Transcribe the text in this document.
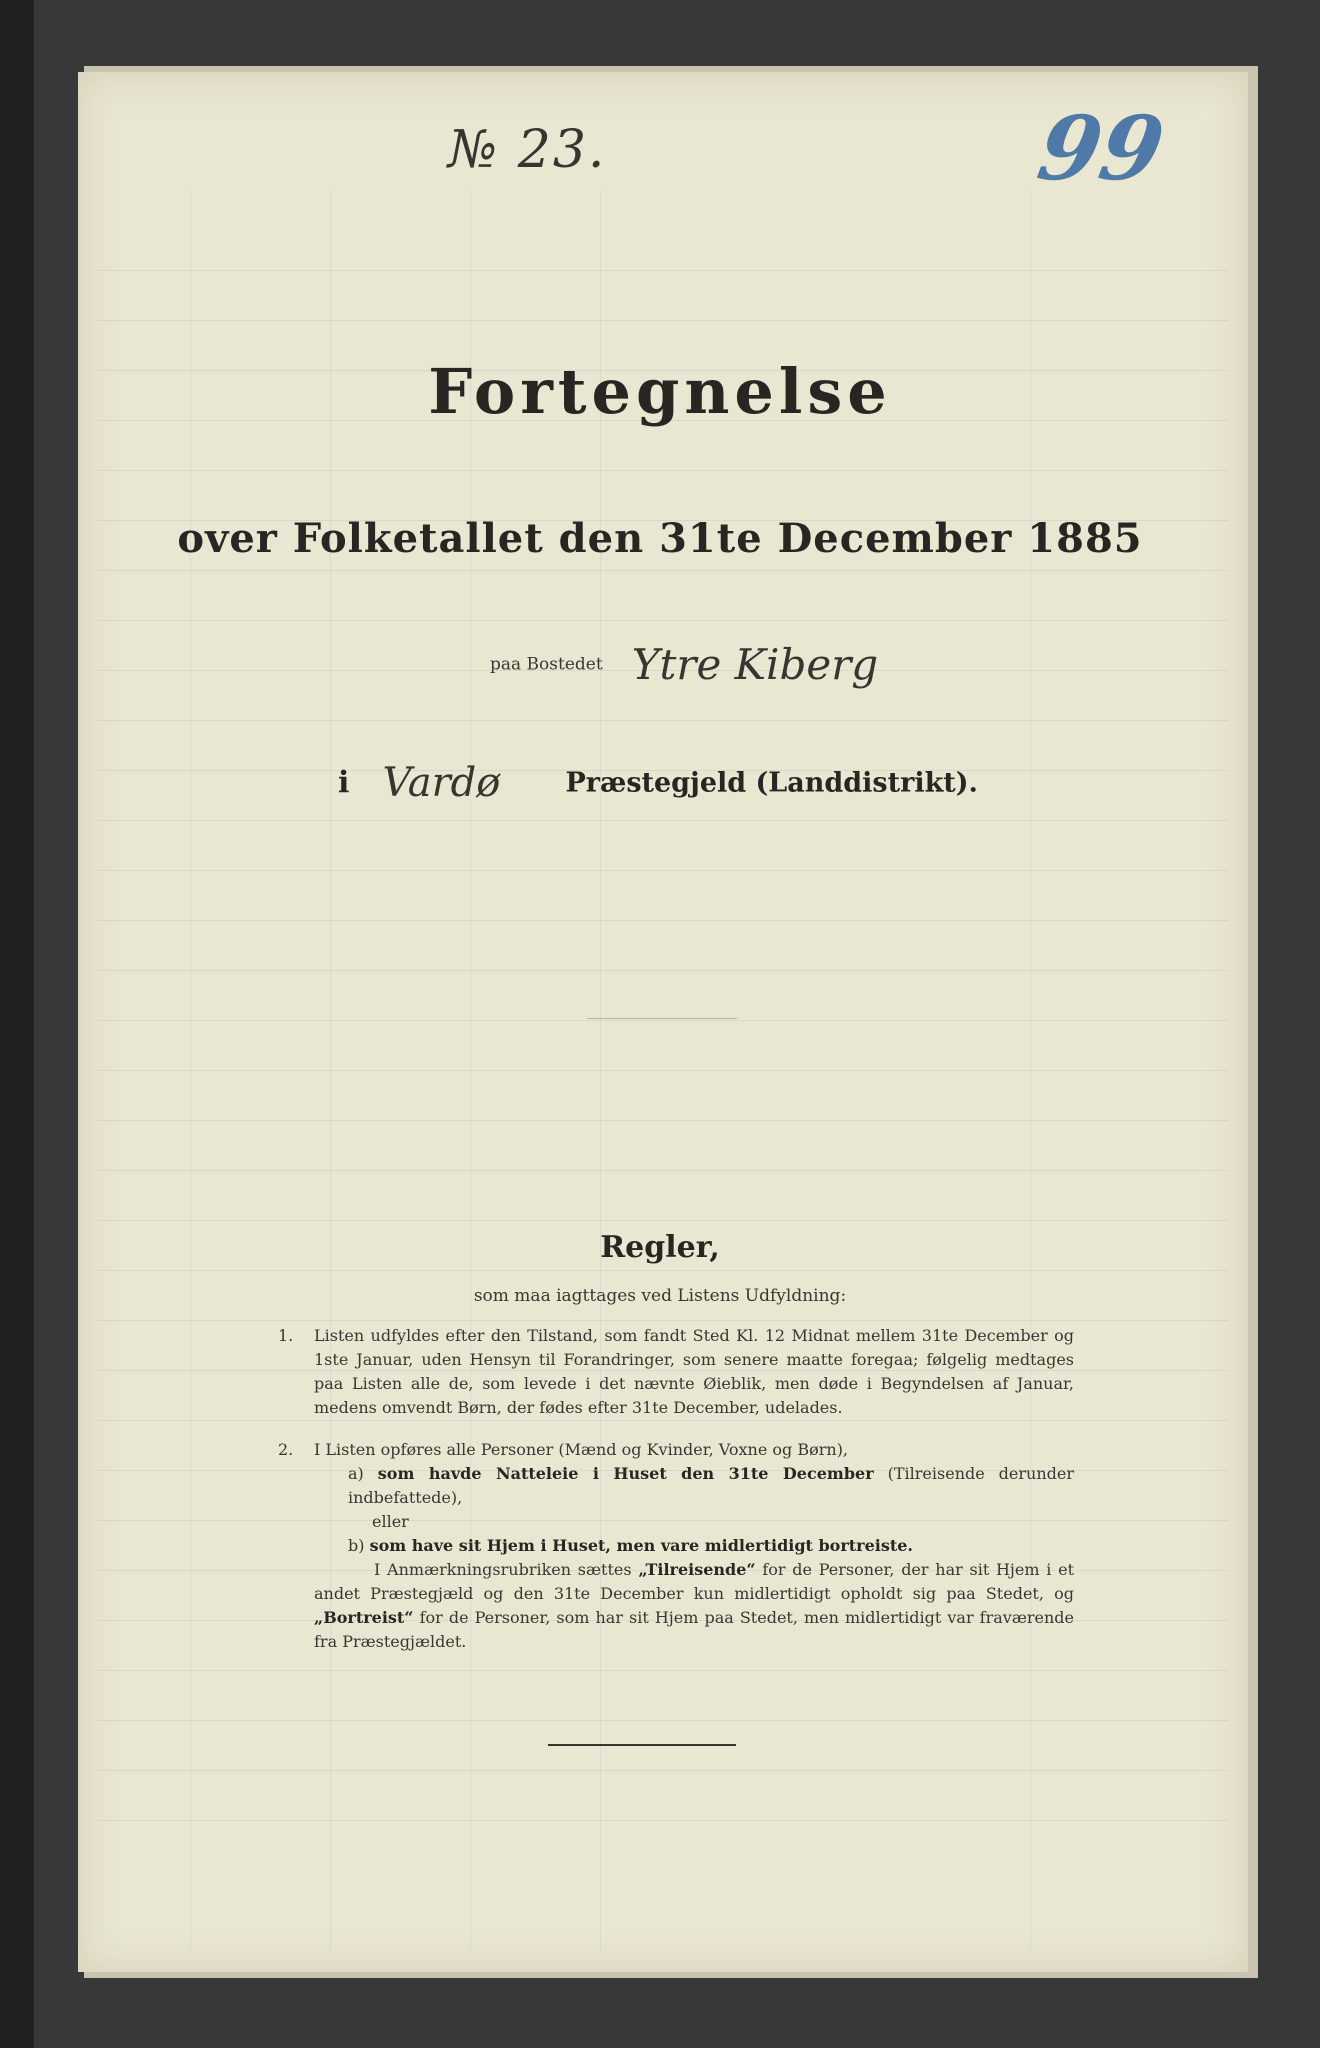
№ 23.	99
Fortegnelse
over Folketallet den 31te December 1885
paa Bostedet Ytre Kiberg
i Vardø Præstegjeld (Landdistrikt).
Regler,
som maa iagttages ved Listens Udfyldning:
1.	Listen udfyldes efter den Tilstand, som fandt Sted Kl. 12 Midnat mellem 31te December og 1ste Januar, uden Hensyn til Forandringer, som senere maatte foregaa; følgelig medtages paa Listen alle de, som levede i det nævnte Øieblik, men døde i Begyndelsen af Januar, medens omvendt Børn, der fødes efter 31te December, udelades.

2.	I Listen opføres alle Personer (Mænd og Kvinder, Voxne og Børn),

a) som havde Natteleie i Huset den 31te December (Tilreisende derunder indbefattede),

eller

b) som have sit Hjem i Huset, men vare midlertidigt bortreiste.

I Anmærkningsrubriken sættes „Tilreisende“ for de Personer, der har sit Hjem i et andet Præstegjæld og den 31te December kun midlertidigt opholdt sig paa Stedet, og „Bortreist“ for de Personer, som har sit Hjem paa Stedet, men midlertidigt var fraværende fra Præstegjældet.
